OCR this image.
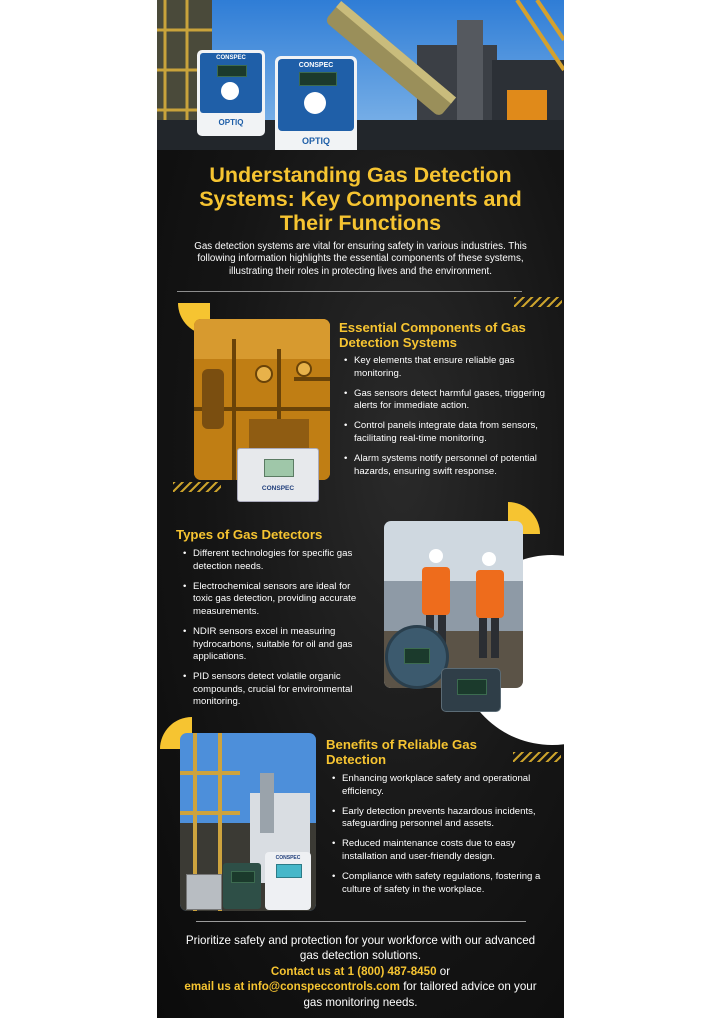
CONSPEC
OPTIQ
CONSPEC
OPTIQ
Understanding Gas Detection Systems: Key Components and Their Functions

Gas detection systems are vital for ensuring safety in various industries. This following information highlights the essential components of these systems, illustrating their roles in protecting lives and the environment.

CONSPEC
Essential Components of Gas Detection Systems
• Key elements that ensure reliable gas monitoring.
• Gas sensors detect harmful gases, triggering alerts for immediate action.
• Control panels integrate data from sensors, facilitating real-time monitoring.
• Alarm systems notify personnel of potential hazards, ensuring swift response.
Types of Gas Detectors
• Different technologies for specific gas detection needs.
• Electrochemical sensors are ideal for toxic gas detection, providing accurate measurements.
• NDIR sensors excel in measuring hydrocarbons, suitable for oil and gas applications.
• PID sensors detect volatile organic compounds, crucial for environmental monitoring.
CONSPEC
Benefits of Reliable Gas Detection
• Enhancing workplace safety and operational efficiency.
• Early detection prevents hazardous incidents, safeguarding personnel and assets.
• Reduced maintenance costs due to easy installation and user-friendly design.
• Compliance with safety regulations, fostering a culture of safety in the workplace.

Prioritize safety and protection for your workforce with our advanced gas detection solutions.
Contact us at 1 (800) 487-8450 or
email us at info@conspeccontrols.com for tailored advice on your gas monitoring needs.
